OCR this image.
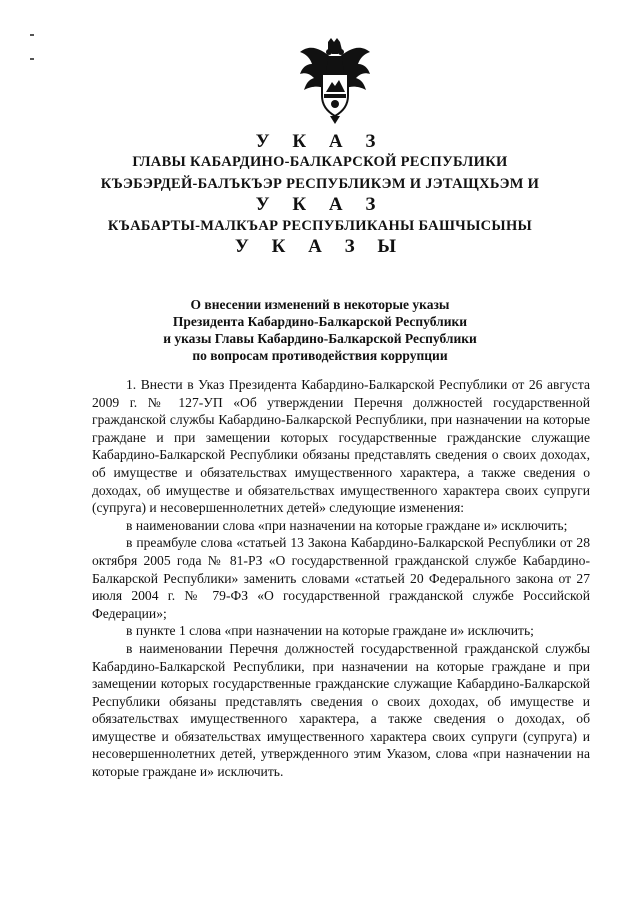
У К А З
ГЛАВЫ КАБАРДИНО-БАЛКАРСКОЙ РЕСПУБЛИКИ
КЪЭБЭРДЕЙ-БАЛЪКЪЭР РЕСПУБЛИКЭМ И ЈЭТАЩХЬЭМ И
У К А З
КЪАБАРТЫ-МАЛКЪАР РЕСПУБЛИКАНЫ БАШЧЫСЫНЫ
У К А З Ы
О внесении изменений в некоторые указы
Президента Кабардино-Балкарской Республики
и указы Главы Кабардино-Балкарской Республики
по вопросам противодействия коррупции

1. Внести в Указ Президента Кабардино-Балкарской Республики от 26 августа 2009 г. № 127-УП «Об утверждении Перечня должностей государственной гражданской службы Кабардино-Балкарской Республики, при назначении на которые граждане и при замещении которых государственные гражданские служащие Кабардино-Балкарской Республики обязаны представлять сведения о своих доходах, об имуществе и обязательствах имущественного характера, а также сведения о доходах, об имуществе и обязательствах имущественного характера своих супруги (супруга) и несовершеннолетних детей» следующие изменения:

в наименовании слова «при назначении на которые граждане и» исключить;

в преамбуле слова «статьей 13 Закона Кабардино-Балкарской Республики от 28 октября 2005 года № 81-РЗ «О государственной гражданской службе Кабардино-Балкарской Республики» заменить словами «статьей 20 Федерального закона от 27 июля 2004 г. № 79-ФЗ «О государственной гражданской службе Российской Федерации»;

в пункте 1 слова «при назначении на которые граждане и» исключить;

в наименовании Перечня должностей государственной гражданской службы Кабардино-Балкарской Республики, при назначении на которые граждане и при замещении которых государственные гражданские служащие Кабардино-Балкарской Республики обязаны представлять сведения о своих доходах, об имуществе и обязательствах имущественного характера, а также сведения о доходах, об имуществе и обязательствах имущественного характера своих супруги (супруга) и несовершеннолетних детей, утвержденного этим Указом, слова «при назначении на которые граждане и» исключить.
